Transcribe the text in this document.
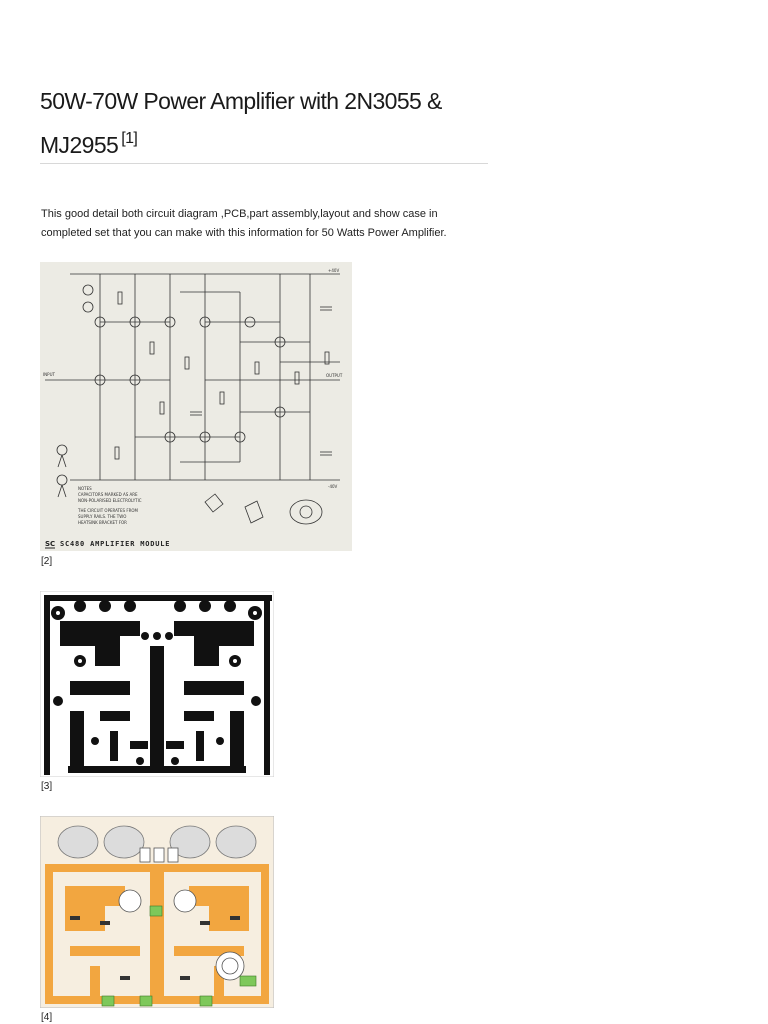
50W-70W Power Amplifier with 2N3055 & MJ2955 [1]

This good detail both circuit diagram ,PCB,part assembly,layout and show case in completed set that you can make with this information for 50 Watts Power Amplifier.

INPUT	OUTPUT
+40V
-40V
NOTES
CAPACITORS MARKED AS ARE
NON-POLARISED ELECTROLYTIC
THE CIRCUIT OPERATES FROM
SUPPLY RAILS. THE TWO
HEATSINK BRACKET FOR
SC SC480 AMPLIFIER MODULE
[2]
[3]
[4]
